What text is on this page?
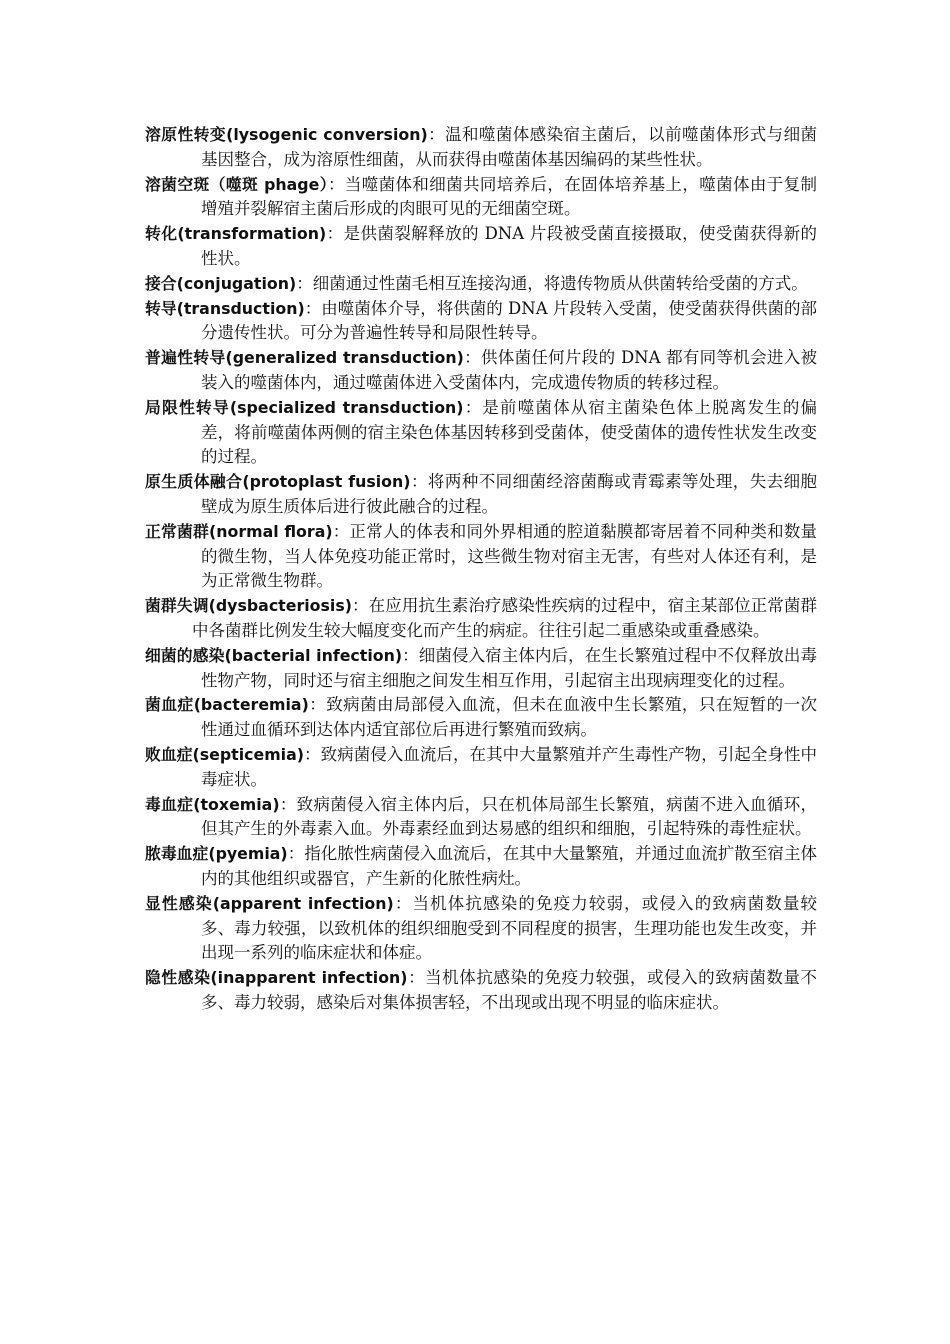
溶原性转变(lysogenic conversion)：温和噬菌体感染宿主菌后，以前噬菌体形式与细菌基因整合，成为溶原性细菌，从而获得由噬菌体基因编码的某些性状。

溶菌空斑（噬斑 phage）：当噬菌体和细菌共同培养后，在固体培养基上，噬菌体由于复制增殖并裂解宿主菌后形成的肉眼可见的无细菌空斑。

转化(transformation)：是供菌裂解释放的 DNA 片段被受菌直接摄取，使受菌获得新的性状。

接合(conjugation)：细菌通过性菌毛相互连接沟通，将遗传物质从供菌转给受菌的方式。

转导(transduction)：由噬菌体介导，将供菌的 DNA 片段转入受菌，使受菌获得供菌的部分遗传性状。可分为普遍性转导和局限性转导。

普遍性转导(generalized transduction)：供体菌任何片段的 DNA 都有同等机会进入被装入的噬菌体内，通过噬菌体进入受菌体内，完成遗传物质的转移过程。

局限性转导(specialized transduction)：是前噬菌体从宿主菌染色体上脱离发生的偏差，将前噬菌体两侧的宿主染色体基因转移到受菌体，使受菌体的遗传性状发生改变的过程。

原生质体融合(protoplast fusion)：将两种不同细菌经溶菌酶或青霉素等处理，失去细胞壁成为原生质体后进行彼此融合的过程。

正常菌群(normal flora)：正常人的体表和同外界相通的腔道黏膜都寄居着不同种类和数量的微生物，当人体免疫功能正常时，这些微生物对宿主无害，有些对人体还有利，是为正常微生物群。

菌群失调(dysbacteriosis)：在应用抗生素治疗感染性疾病的过程中，宿主某部位正常菌群中各菌群比例发生较大幅度变化而产生的病症。往往引起二重感染或重叠感染。

细菌的感染(bacterial infection)：细菌侵入宿主体内后，在生长繁殖过程中不仅释放出毒性物产物，同时还与宿主细胞之间发生相互作用，引起宿主出现病理变化的过程。

菌血症(bacteremia)：致病菌由局部侵入血流，但未在血液中生长繁殖，只在短暂的一次性通过血循环到达体内适宜部位后再进行繁殖而致病。

败血症(septicemia)：致病菌侵入血流后，在其中大量繁殖并产生毒性产物，引起全身性中毒症状。

毒血症(toxemia)：致病菌侵入宿主体内后，只在机体局部生长繁殖，病菌不进入血循环，但其产生的外毒素入血。外毒素经血到达易感的组织和细胞，引起特殊的毒性症状。

脓毒血症(pyemia)：指化脓性病菌侵入血流后，在其中大量繁殖，并通过血流扩散至宿主体内的其他组织或器官，产生新的化脓性病灶。

显性感染(apparent infection)：当机体抗感染的免疫力较弱，或侵入的致病菌数量较多、毒力较强，以致机体的组织细胞受到不同程度的损害，生理功能也发生改变，并出现一系列的临床症状和体症。

隐性感染(inapparent infection)：当机体抗感染的免疫力较强，或侵入的致病菌数量不多、毒力较弱，感染后对集体损害轻，不出现或出现不明显的临床症状。
